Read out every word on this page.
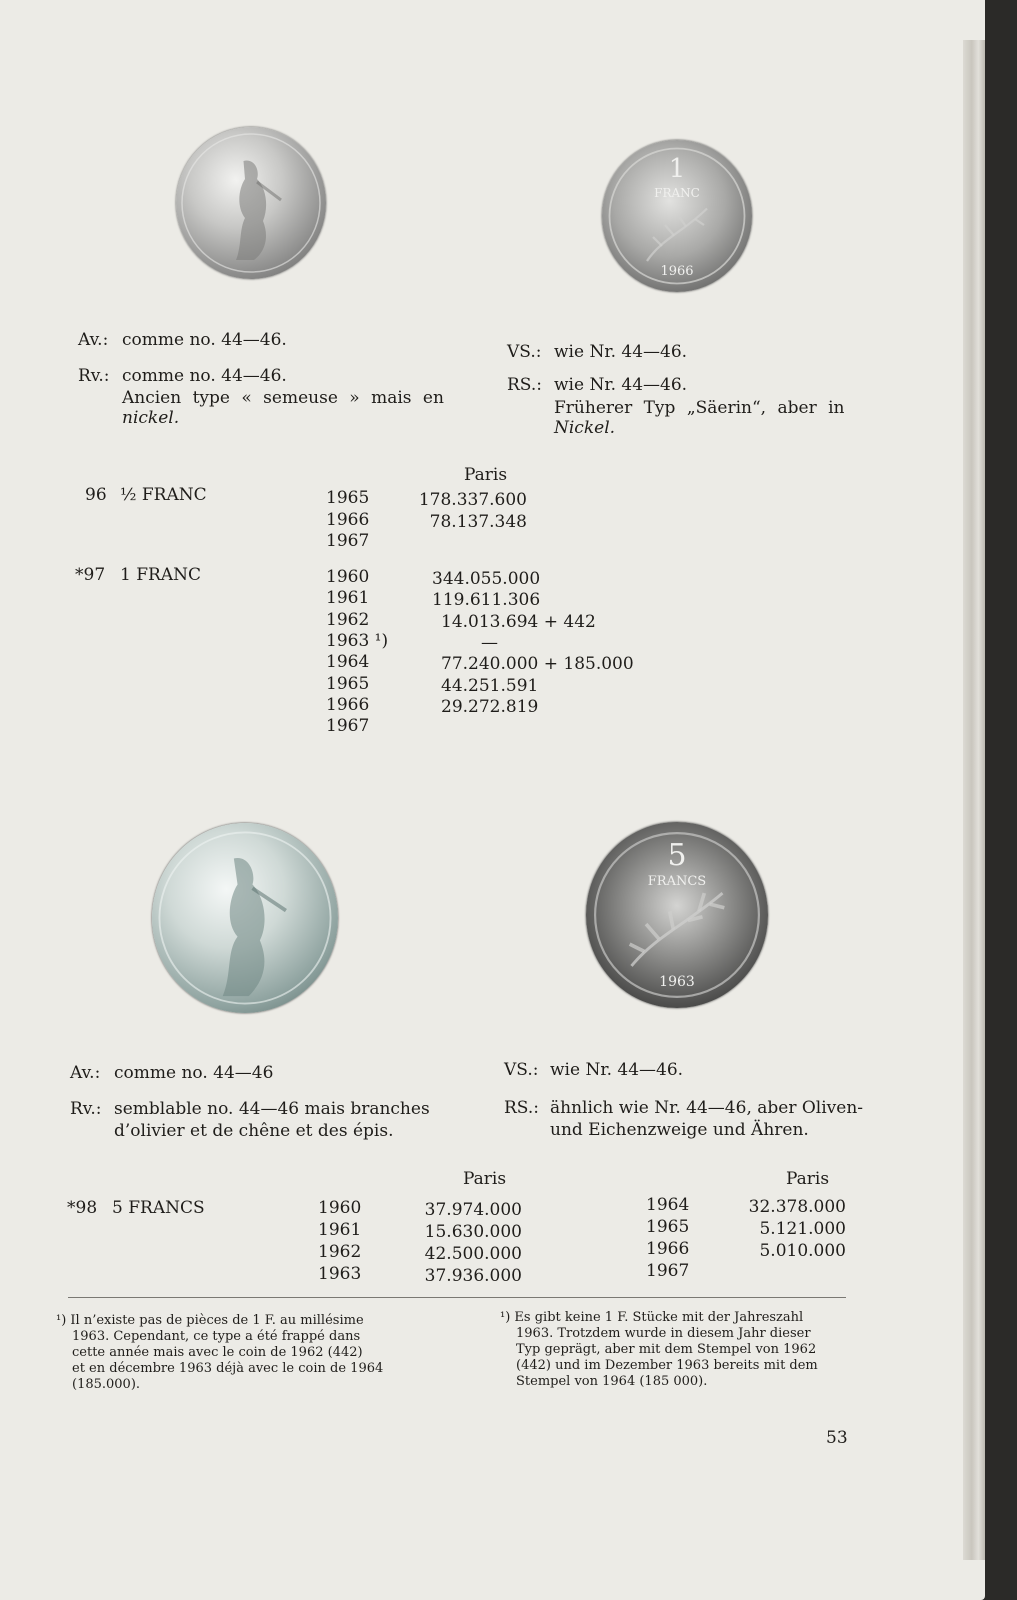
1
FRANC
1966
Av.: comme no. 44—46.
Rv.: comme no. 44—46.
Ancien type « semeuse » mais en
nickel.
VS.: wie Nr. 44—46.
RS.: wie Nr. 44—46.
Früherer Typ „Säerin“, aber in
Nickel.
Paris
96 ½ FRANC	1965	178.337.600
1966	78.137.348
1967
*97 1 FRANC	1960	344.055.000
1961	119.611.306
1962	14.013.694 + 442
1963 ¹)	—
1964	77.240.000 + 185.000
1965	44.251.591
1966	29.272.819
1967
5
FRANCS
1963
Av.: comme no. 44—46
Rv.: semblable no. 44—46 mais branches
d’olivier et de chêne et des épis.
VS.: wie Nr. 44—46.
RS.: ähnlich wie Nr. 44—46, aber Oliven-
und Eichenzweige und Ähren.
Paris	Paris
*98 5 FRANCS	1960	37.974.000
1961	15.630.000
1962	42.500.000
1963	37.936.000
1964	32.378.000
1965	5.121.000
1966	5.010.000
1967
¹) Il n’existe pas de pièces de 1 F. au millésime
1963. Cependant, ce type a été frappé dans
cette année mais avec le coin de 1962 (442)
et en décembre 1963 déjà avec le coin de 1964
(185.000).
¹) Es gibt keine 1 F. Stücke mit der Jahreszahl
1963. Trotzdem wurde in diesem Jahr dieser
Typ geprägt, aber mit dem Stempel von 1962
(442) und im Dezember 1963 bereits mit dem
Stempel von 1964 (185 000).
53
